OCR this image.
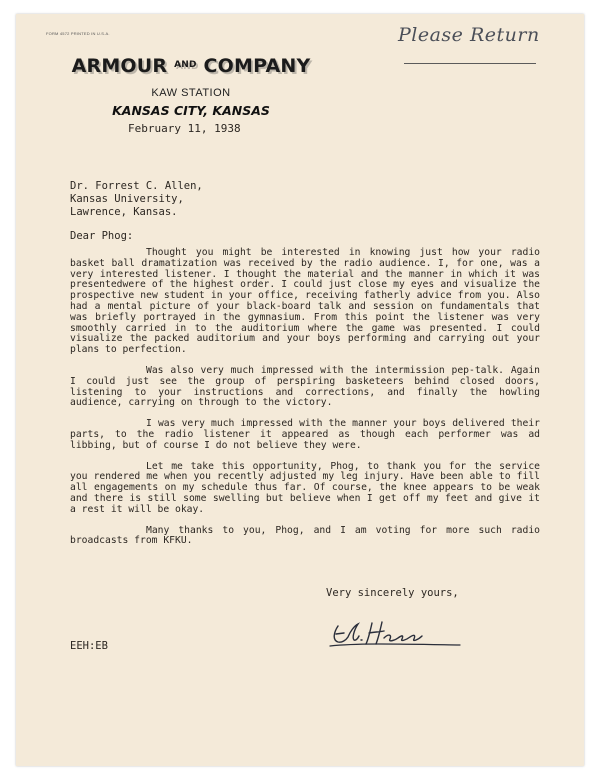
FORM 4572 PRINTED IN U.S.A.
ARMOUR $^{AND}$ COMPANY
KAW STATION
KANSAS CITY, KANSAS
Please Return
February 11, 1938
Dr. Forrest C. Allen,
Kansas University,
Lawrence, Kansas.
Dear Phog:

Thought you might be interested in knowing just how your radio basket ball dramatization was received by the radio audience. I, for one, was a very interested listener. I thought the material and the manner in which it was presentedwere of the highest order. I could just close my eyes and visualize the prospective new student in your office, receiving fatherly advice from you. Also had a mental picture of your black-board talk and session on fundamentals that was briefly portrayed in the gymnasium. From this point the listener was very smoothly carried in to the auditorium where the game was presented. I could visualize the packed auditorium and your boys performing and carrying out your plans to perfection.

Was also very much impressed with the intermission pep-talk. Again I could just see the group of perspiring basketeers behind closed doors, listening to your instructions and corrections, and finally the howling audience, carrying on through to the victory.

I was very much impressed with the manner your boys delivered their parts, to the radio listener it appeared as though each performer was ad libbing, but of course I do not believe they were.

Let me take this opportunity, Phog, to thank you for the service you rendered me when you recently adjusted my leg injury. Have been able to fill all engagements on my schedule thus far. Of course, the knee appears to be weak and there is still some swelling but believe when I get off my feet and give it a rest it will be okay.

Many thanks to you, Phog, and I am voting for more such radio broadcasts from KFKU.

Very sincerely yours,
EEH:EB
